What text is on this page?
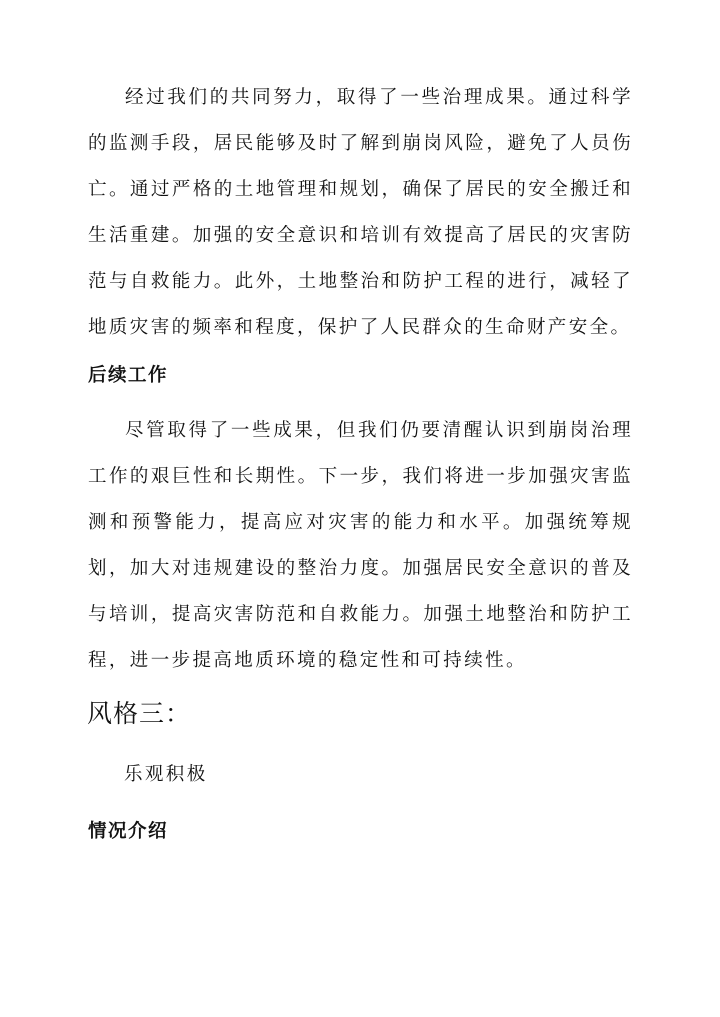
经过我们的共同努力，取得了一些治理成果。通过科学的监测手段，居民能够及时了解到崩岗风险，避免了人员伤亡。通过严格的土地管理和规划，确保了居民的安全搬迁和生活重建。加强的安全意识和培训有效提高了居民的灾害防范与自救能力。此外，土地整治和防护工程的进行，减轻了地质灾害的频率和程度，保护了人民群众的生命财产安全。

后续工作

尽管取得了一些成果，但我们仍要清醒认识到崩岗治理工作的艰巨性和长期性。下一步，我们将进一步加强灾害监测和预警能力，提高应对灾害的能力和水平。加强统筹规划，加大对违规建设的整治力度。加强居民安全意识的普及与培训，提高灾害防范和自救能力。加强土地整治和防护工程，进一步提高地质环境的稳定性和可持续性。

风格三：

乐观积极

情况介绍
